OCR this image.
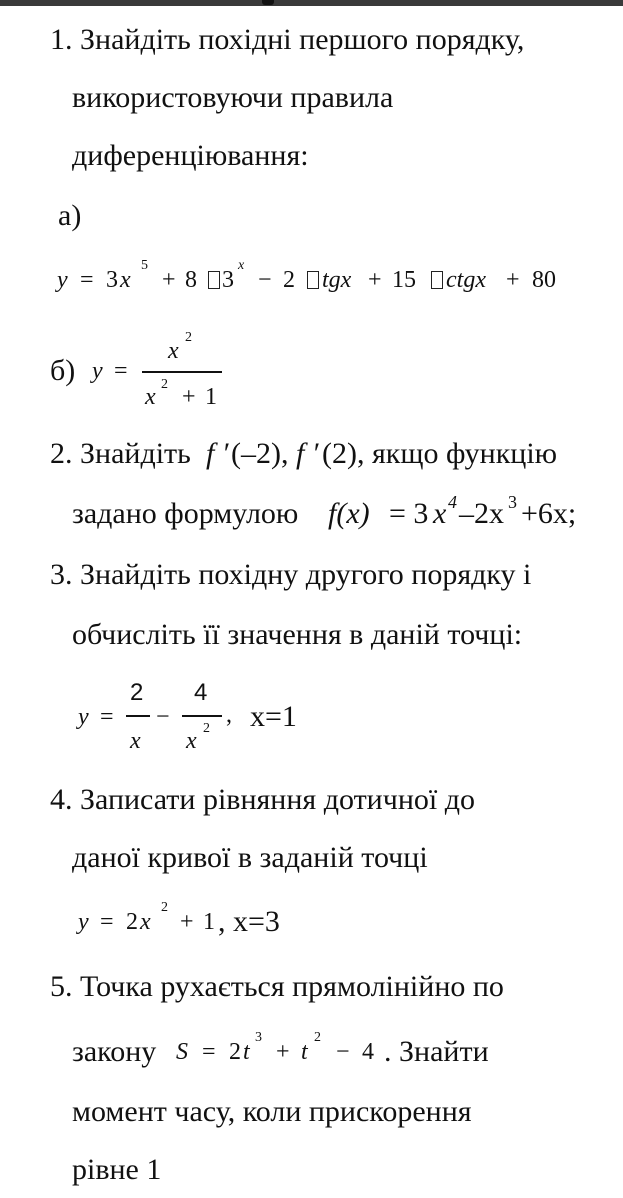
1. Знайдіть похідні першого порядку,
використовуючи правила
диференціювання:
а)
y = 3 x
5
+ 8 3
x
− 2 tgx + 15 ctgx + 80
б) y =
x
2
x 2 + 1
2. Знайдіть f ′ (–2), f ′ (2), якщо функцію
задано формулою f(x) = 3 x 4 –2x 3 +6x;
3. Знайдіть похідну другого порядку і
обчисліть її значення в даній точці:
y =
2
x
−
4
x 2
, x=1
4. Записати рівняння дотичної до
даної кривої в заданій точці
y = 2 x
2
+ 1 , x=3
5. Точка рухається прямолінійно по
закону S = 2 t
3
+ t
2
− 4 . Знайти
момент часу, коли прискорення
рівне 1
